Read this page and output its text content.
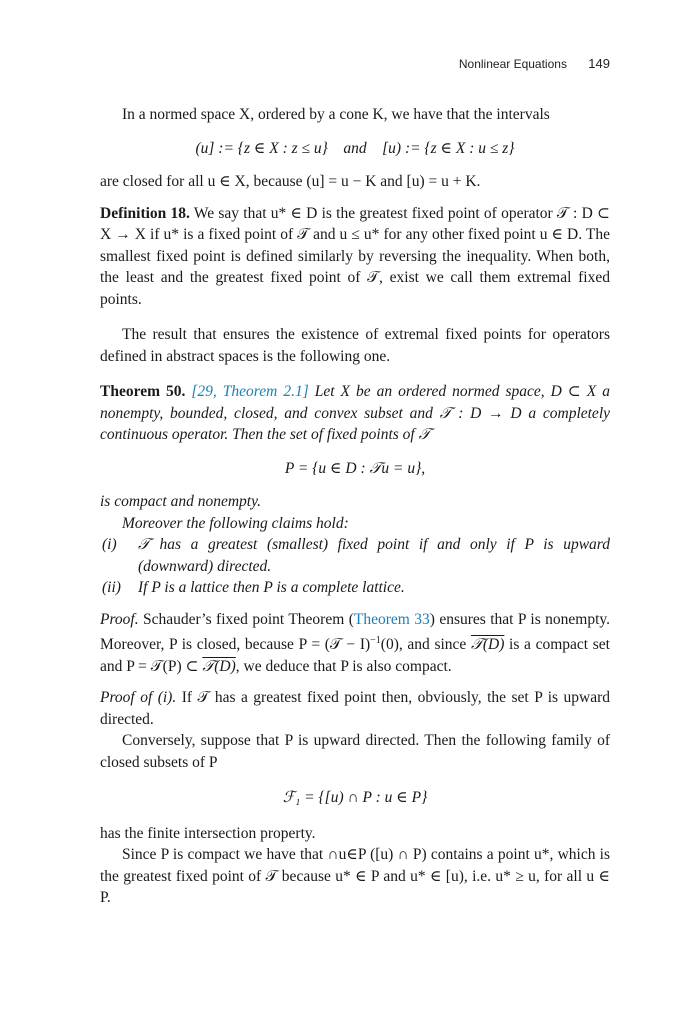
Nonlinear Equations 149

In a normed space X, ordered by a cone K, we have that the intervals

(u] := {z ∈ X : z ≤ u}    and    [u) := {z ∈ X : u ≤ z}

are closed for all u ∈ X, because (u] = u − K and [u) = u + K.

Definition 18. We say that u* ∈ D is the greatest fixed point of operator 𝒯 : D ⊂ X → X if u* is a fixed point of 𝒯 and u ≤ u* for any other fixed point u ∈ D. The smallest fixed point is defined similarly by reversing the inequality. When both, the least and the greatest fixed point of 𝒯, exist we call them extremal fixed points.

The result that ensures the existence of extremal fixed points for operators defined in abstract spaces is the following one.

Theorem 50. [29, Theorem 2.1] Let X be an ordered normed space, D ⊂ X a nonempty, bounded, closed, and convex subset and 𝒯 : D → D a completely continuous operator. Then the set of fixed points of 𝒯

P = {u ∈ D : 𝒯u = u},

is compact and nonempty.

Moreover the following claims hold:

(i)	𝒯 has a greatest (smallest) fixed point if and only if P is upward (downward) directed.
(ii)	If P is a lattice then P is a complete lattice.

Proof. Schauder’s fixed point Theorem (Theorem 33) ensures that P is nonempty. Moreover, P is closed, because P = (𝒯 − I)$^{-1}$(0), and since 𝒯(D) is a compact set and P = 𝒯(P) ⊂ 𝒯(D), we deduce that P is also compact.

Proof of (i). If 𝒯 has a greatest fixed point then, obviously, the set P is upward directed.

Conversely, suppose that P is upward directed. Then the following family of closed subsets of P

ℱ₁ = {[u) ∩ P : u ∈ P}

has the finite intersection property.

Since P is compact we have that ∩u∈P ([u) ∩ P) contains a point u*, which is the greatest fixed point of 𝒯 because u* ∈ P and u* ∈ [u), i.e. u* ≥ u, for all u ∈ P.
